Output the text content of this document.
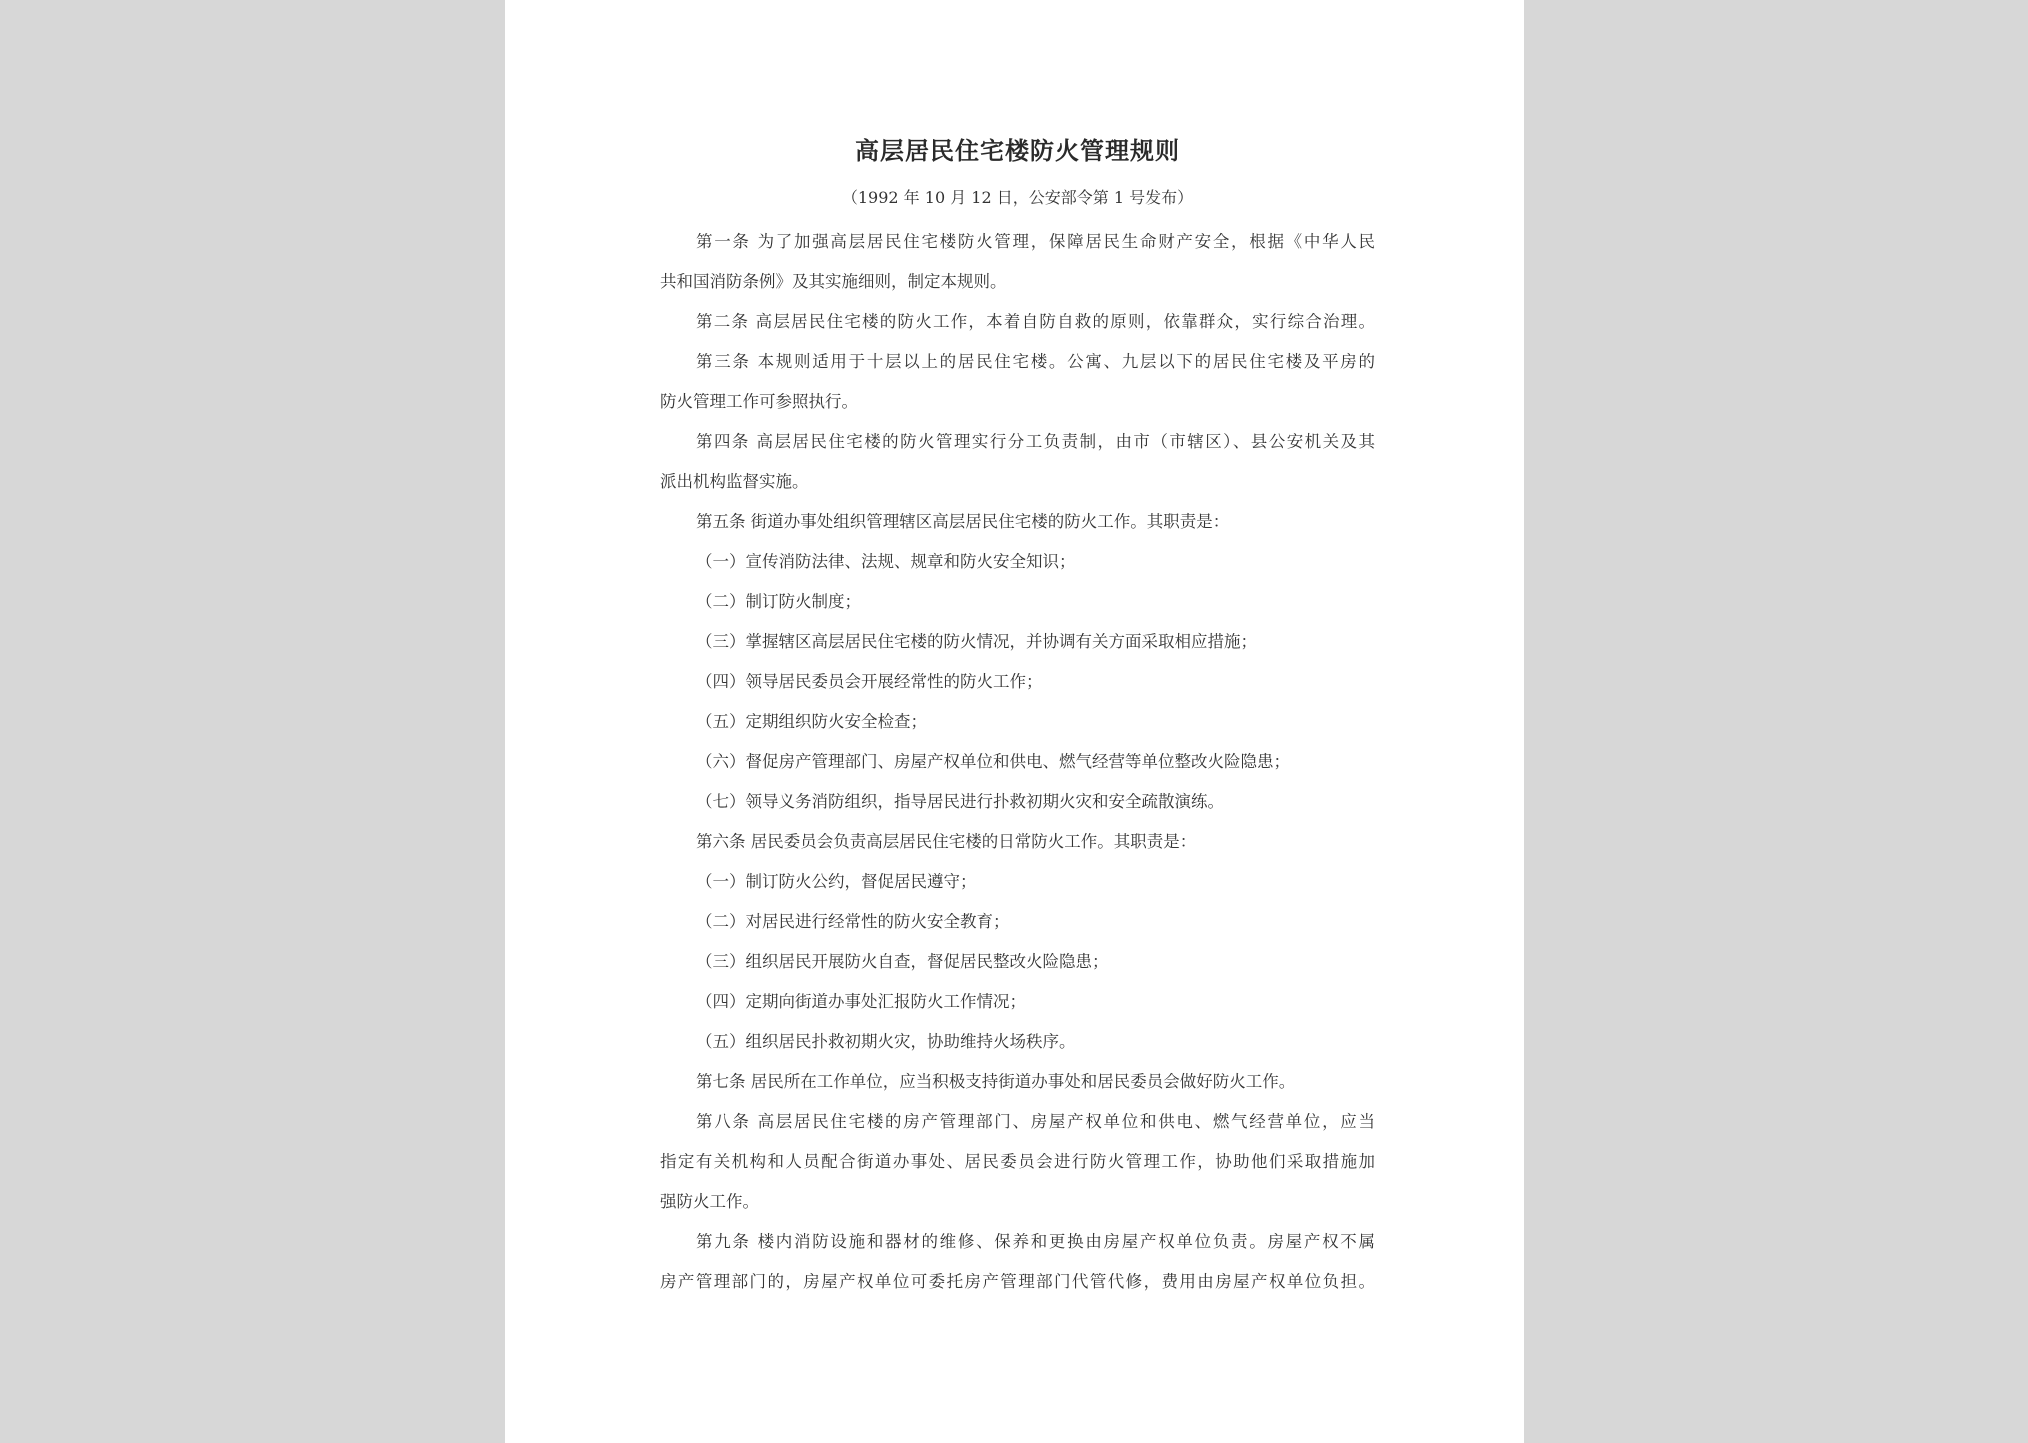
高层居民住宅楼防火管理规则
（1992 年 10 月 12 日，公安部令第 1 号发布）
第一条 为了加强高层居民住宅楼防火管理，保障居民生命财产安全，根据《中华人民
共和国消防条例》及其实施细则，制定本规则。
第二条 高层居民住宅楼的防火工作，本着自防自救的原则，依靠群众，实行综合治理。
第三条 本规则适用于十层以上的居民住宅楼。公寓、九层以下的居民住宅楼及平房的
防火管理工作可参照执行。
第四条 高层居民住宅楼的防火管理实行分工负责制，由市（市辖区）、县公安机关及其
派出机构监督实施。
第五条 街道办事处组织管理辖区高层居民住宅楼的防火工作。其职责是：
（一）宣传消防法律、法规、规章和防火安全知识；
（二）制订防火制度；
（三）掌握辖区高层居民住宅楼的防火情况，并协调有关方面采取相应措施；
（四）领导居民委员会开展经常性的防火工作；
（五）定期组织防火安全检查；
（六）督促房产管理部门、房屋产权单位和供电、燃气经营等单位整改火险隐患；
（七）领导义务消防组织，指导居民进行扑救初期火灾和安全疏散演练。
第六条 居民委员会负责高层居民住宅楼的日常防火工作。其职责是：
（一）制订防火公约，督促居民遵守；
（二）对居民进行经常性的防火安全教育；
（三）组织居民开展防火自查，督促居民整改火险隐患；
（四）定期向街道办事处汇报防火工作情况；
（五）组织居民扑救初期火灾，协助维持火场秩序。
第七条 居民所在工作单位，应当积极支持街道办事处和居民委员会做好防火工作。
第八条 高层居民住宅楼的房产管理部门、房屋产权单位和供电、燃气经营单位，应当
指定有关机构和人员配合街道办事处、居民委员会进行防火管理工作，协助他们采取措施加
强防火工作。
第九条 楼内消防设施和器材的维修、保养和更换由房屋产权单位负责。房屋产权不属
房产管理部门的，房屋产权单位可委托房产管理部门代管代修，费用由房屋产权单位负担。
